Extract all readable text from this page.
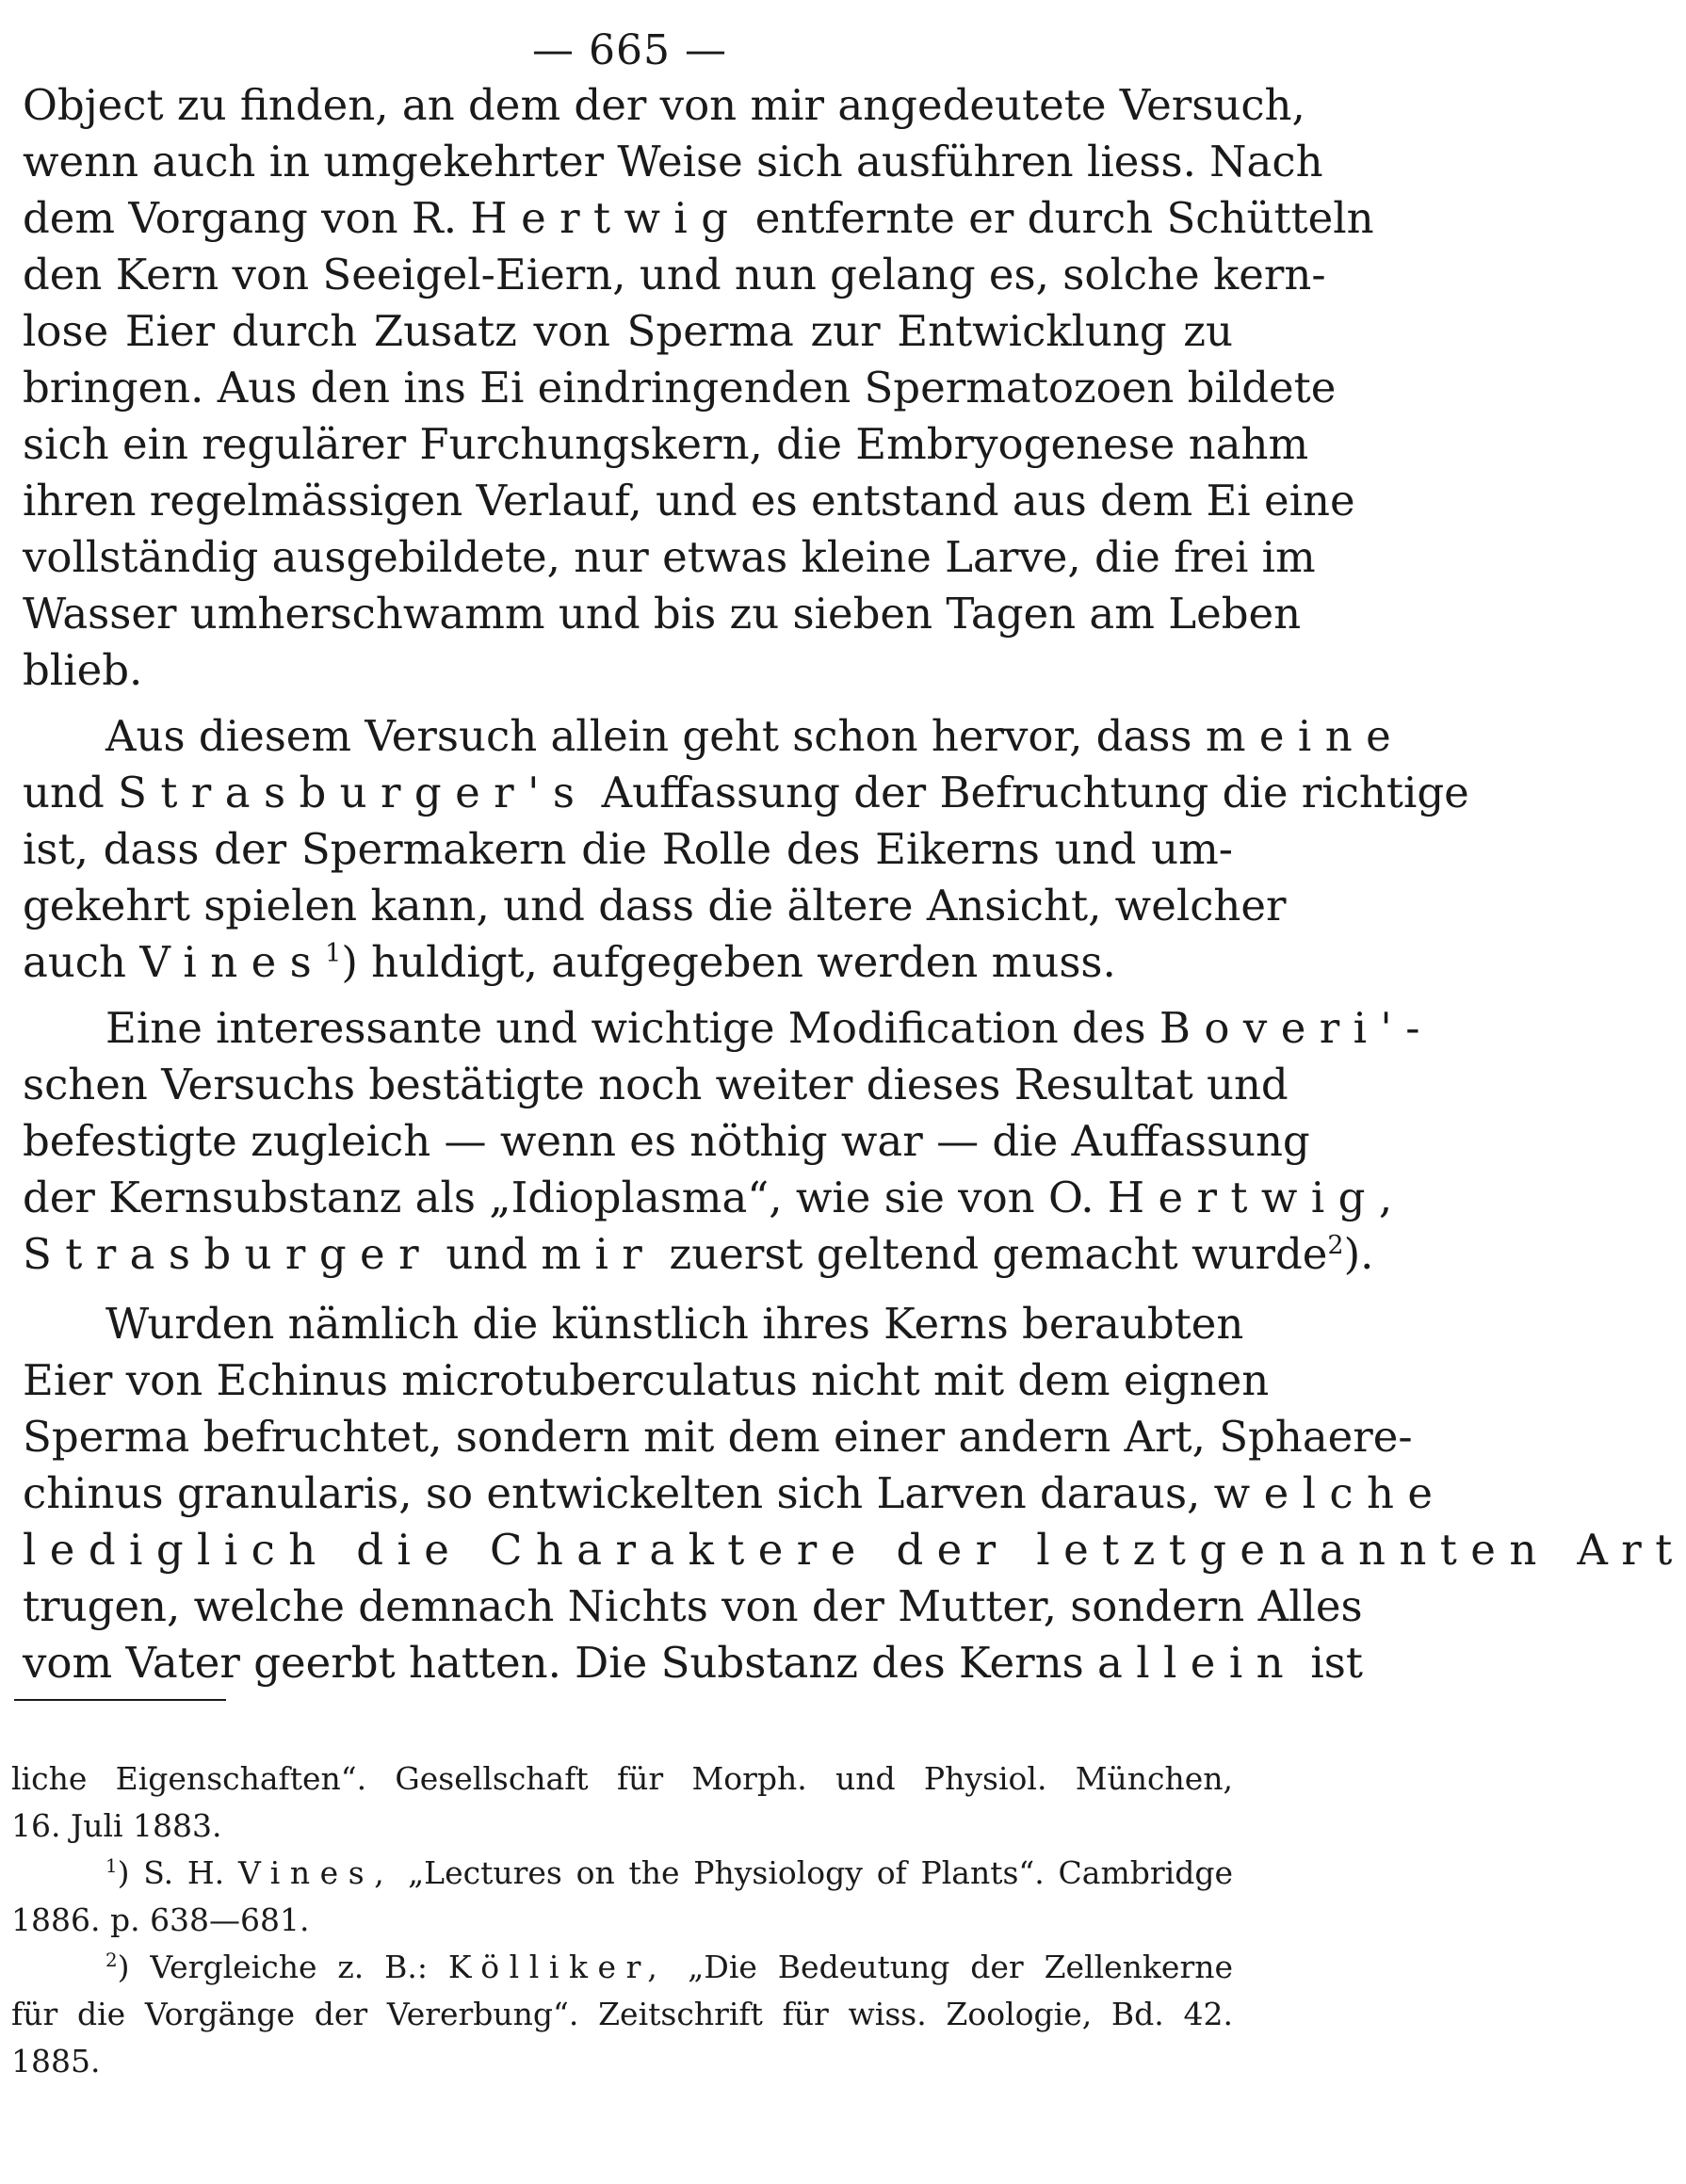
— 665 —
Object zu finden, an dem der von mir angedeutete Versuch,
wenn auch in umgekehrter Weise sich ausführen liess. Nach
dem Vorgang von R. Hertwig entfernte er durch Schütteln
den Kern von Seeigel-Eiern, und nun gelang es, solche kern-
lose Eier durch Zusatz von Sperma zur Entwicklung zu
bringen. Aus den ins Ei eindringenden Spermatozoen bildete
sich ein regulärer Furchungskern, die Embryogenese nahm
ihren regelmässigen Verlauf, und es entstand aus dem Ei eine
vollständig ausgebildete, nur etwas kleine Larve, die frei im
Wasser umherschwamm und bis zu sieben Tagen am Leben
blieb.
Aus diesem Versuch allein geht schon hervor, dass meine
und Strasburger's Auffassung der Befruchtung die richtige
ist, dass der Spermakern die Rolle des Eikerns und um-
gekehrt spielen kann, und dass die ältere Ansicht, welcher
auch Vines$^1$) huldigt, aufgegeben werden muss.
Eine interessante und wichtige Modification des Boveri'-
schen Versuchs bestätigte noch weiter dieses Resultat und
befestigte zugleich — wenn es nöthig war — die Auffassung
der Kernsubstanz als „Idioplasma“, wie sie von O. Hertwig,
Strasburger und mir zuerst geltend gemacht wurde$^2$).
Wurden nämlich die künstlich ihres Kerns beraubten
Eier von Echinus microtuberculatus nicht mit dem eignen
Sperma befruchtet, sondern mit dem einer andern Art, Sphaere-
chinus granularis, so entwickelten sich Larven daraus, welche
lediglich die Charaktere der letztgenannten Art
trugen, welche demnach Nichts von der Mutter, sondern Alles
vom Vater geerbt hatten. Die Substanz des Kerns allein ist
liche Eigenschaften“. Gesellschaft für Morph. und Physiol. München,
16. Juli 1883.
$^1$) S. H. Vines, „Lectures on the Physiology of Plants“. Cambridge
1886. p. 638—681.
$^2$) Vergleiche z. B.: Kölliker, „Die Bedeutung der Zellenkerne
für die Vorgänge der Vererbung“. Zeitschrift für wiss. Zoologie, Bd. 42.
1885.
